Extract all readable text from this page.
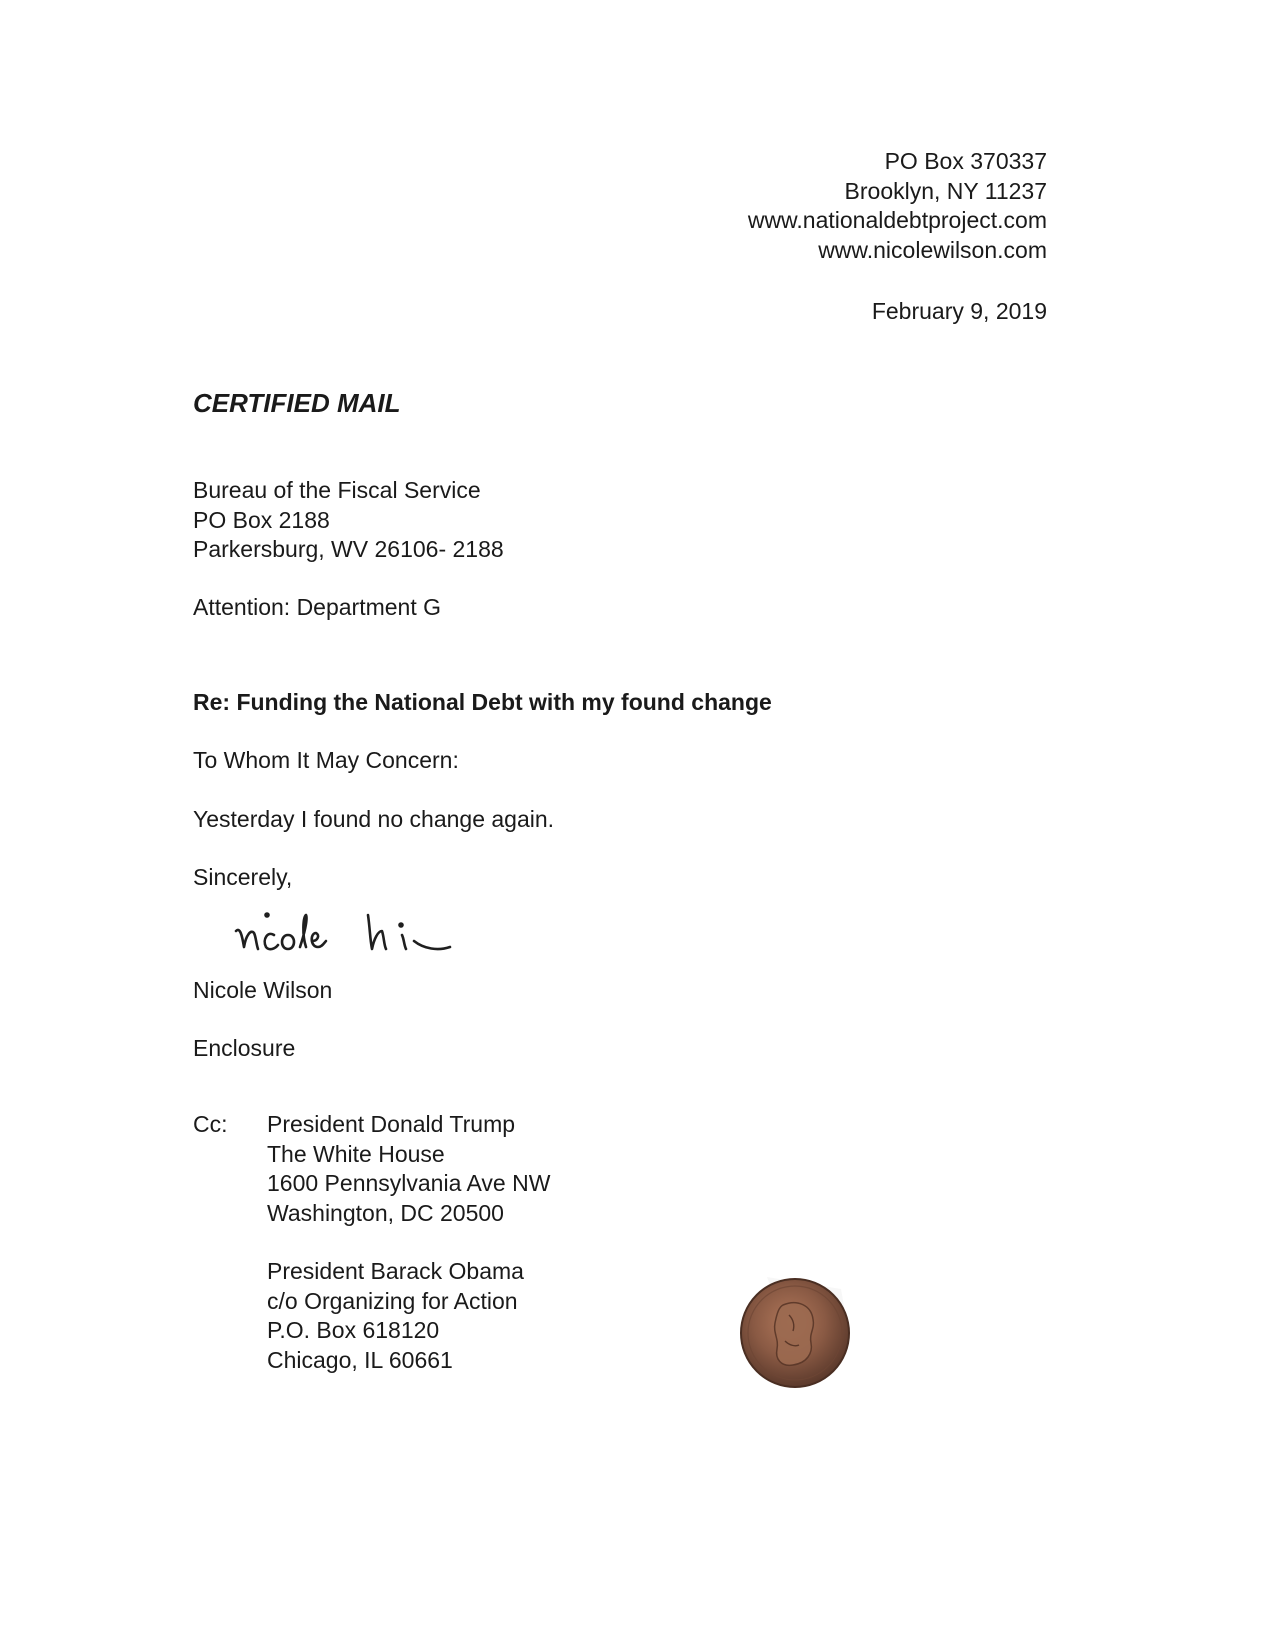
PO Box 370337
Brooklyn, NY 11237
www.nationaldebtproject.com
www.nicolewilson.com
February 9, 2019
CERTIFIED MAIL
Bureau of the Fiscal Service
PO Box 2188
Parkersburg, WV 26106- 2188
Attention: Department G
Re: Funding the National Debt with my found change
To Whom It May Concern:
Yesterday I found no change again.
Sincerely,
Nicole Wilson
Enclosure
Cc: President Donald Trump
The White House
1600 Pennsylvania Ave NW
Washington, DC 20500
President Barack Obama
c/o Organizing for Action
P.O. Box 618120
Chicago, IL 60661
